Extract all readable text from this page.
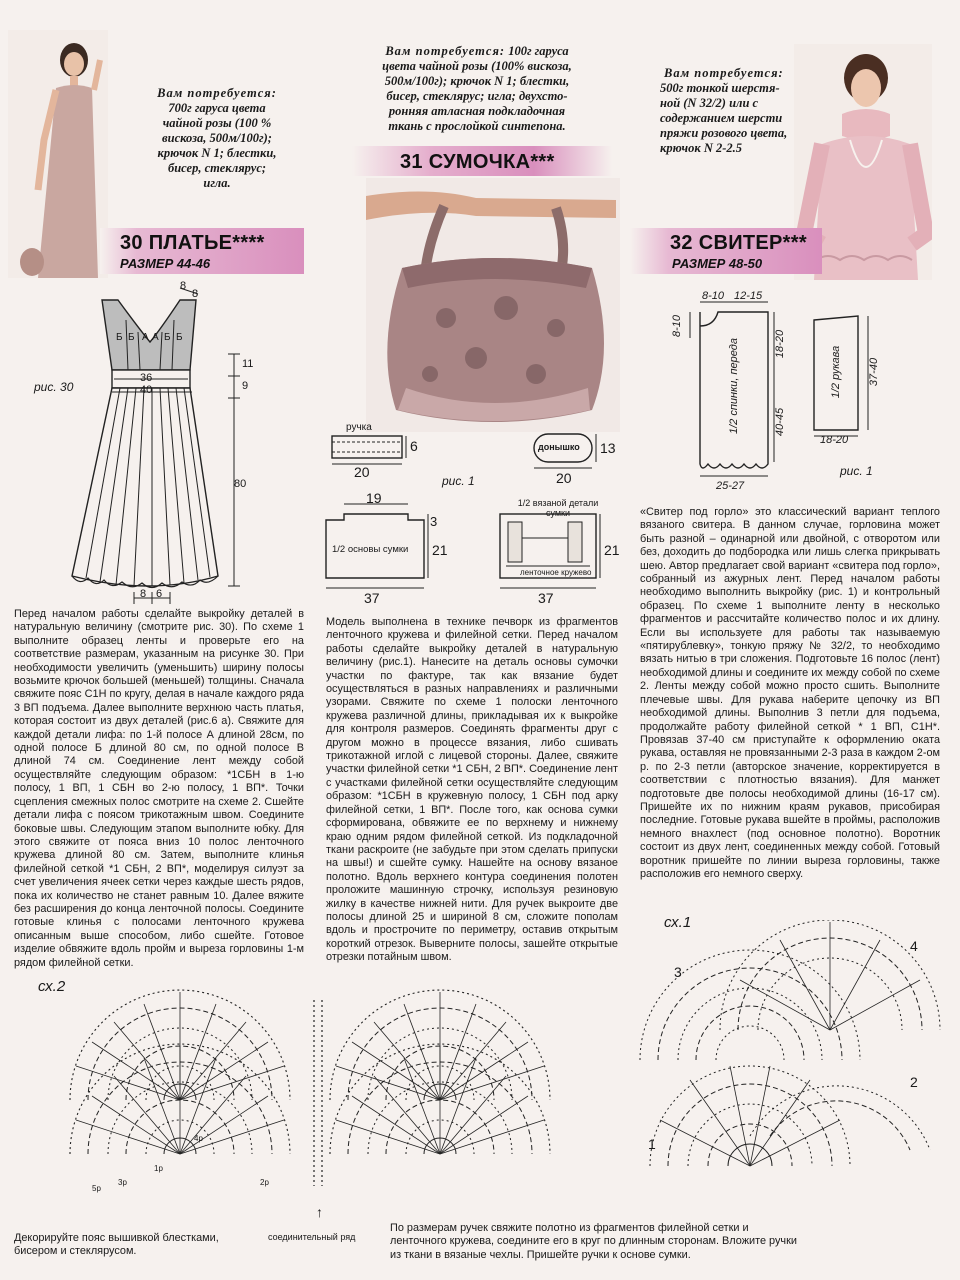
Вам потребуется:
700г гаруса цвета
чайной розы (100 %
вискоза, 500м/100г);
крючок N 1; блестки,
бисер, стеклярус;
игла.
30 ПЛАТЬЕ****
РАЗМЕР 44-46
Вам потребуется: 100г гаруса
цвета чайной розы (100% вискоза,
500м/100г); крючок N 1; блестки,
бисер, стеклярус; игла; двухсто-
ронняя атласная подкладочная
ткань с прослойкой синтепона.
31 СУМОЧКА***
Вам потребуется:
500г тонкой шерстя-
ной (N 32/2) или с
содержанием шерсти
пряжи розового цвета,
крючок N 2-2.5
32 СВИТЕР***
РАЗМЕР 48-50
8
8
Б Б А А Б Б
11
9
80
36
40
8 6
рис. 30
ручка
6
20
донышко 13
20
рис. 1
19
3
1/2 основы сумки 21
37
1/2 вязаной детали сумки
ленточное кружево
21
37
8-10 12-15
8-10
18-20
40-45
1/2 спинки, переда
25-27
1/2 рукава 37-40
18-20
рис. 1
Перед началом работы сделайте выкройку деталей в натуральную величину (смотрите рис. 30). По схеме 1 выполните образец ленты и проверьте его на соответствие размерам, указанным на рисунке 30. При необходимости увеличить (уменьшить) ширину полосы возьмите крючок большей (меньшей) толщины. Сначала свяжите пояс С1Н по кругу, делая в начале каждого ряда 3 ВП подъема. Далее выполните верхнюю часть платья, которая состоит из двух деталей (рис.6 а). Свяжите для каждой детали лифа: по 1-й полосе А длиной 28см, по одной полосе Б длиной 80 см, по одной полосе В длиной 74 см. Соединение лент между собой осуществляйте следующим образом: *1СБН в 1-ю полосу, 1 ВП, 1 СБН во 2-ю полосу, 1 ВП*. Точки сцепления смежных полос смотрите на схеме 2. Сшейте детали лифа с поясом трикотажным швом. Соедините боковые швы. Следующим этапом выполните юбку. Для этого свяжите от пояса вниз 10 полос ленточного кружева длиной 80 см. Затем, выполните клинья филейной сеткой *1 СБН, 2 ВП*, моделируя силуэт за счет увеличения ячеек сетки через каждые шесть рядов, пока их количество не станет равным 10. Далее вяжите без расширения до конца ленточной полосы. Соедините готовые клинья с полосами ленточного кружева описанным выше способом, либо сшейте. Готовое изделие обвяжите вдоль пройм и выреза горловины 1-м рядом филейной сетки.
Модель выполнена в технике печворк из фрагментов ленточного кружева и филейной сетки. Перед началом работы сделайте выкройку деталей в натуральную величину (рис.1). Нанесите на деталь основы сумочки участки по фактуре, так как вязание будет осуществляться в разных направлениях и различными узорами. Свяжите по схеме 1 полоски ленточного кружева различной длины, прикладывая их к выкройке для контроля размеров. Соединять фрагменты друг с другом можно в процессе вязания, либо сшивать трикотажной иглой с лицевой стороны. Далее, свяжите участки филейной сетки *1 СБН, 2 ВП*. Соединение лент с участками филейной сетки осуществляйте следующим образом: *1СБН в кружевную полосу, 1 СБН под арку филейной сетки, 1 ВП*. После того, как основа сумки сформирована, обвяжите ее по верхнему и нижнему краю одним рядом филейной сеткой. Из подкладочной ткани раскроите (не забудьте при этом сделать припуски на швы!) и сшейте сумку. Нашейте на основу вязаное полотно. Вдоль верхнего контура соединения полотен проложите машинную строчку, используя резиновую жилку в качестве нижней нити. Для ручек выкроите две полосы длиной 25 и шириной 8 см, сложите пополам вдоль и прострочите по периметру, оставив открытым короткий отрезок. Выверните полосы, зашейте открытые отрезки потайным швом.
«Свитер под горло» это классический вариант теплого вязаного свитера. В данном случае, горловина может быть разной – одинарной или двойной, с отворотом или без, доходить до подбородка или лишь слегка прикрывать шею. Автор предлагает свой вариант «свитера под горло», собранный из ажурных лент. Перед началом работы необходимо выполнить выкройку (рис. 1) и контрольный образец. По схеме 1 выполните ленту в несколько фрагментов и рассчитайте количество полос и их длину. Если вы используете для работы так называемую «пятирублевку», тонкую пряжу № 32/2, то необходимо вязать нитью в три сложения. Подготовьте 16 полос (лент) необходимой длины и соедините их между собой по схеме 2. Ленты между собой можно просто сшить. Выполните плечевые швы. Для рукава наберите цепочку из ВП необходимой длины. Выполнив 3 петли для подъема, продолжайте работу филейной сеткой * 1 ВП, С1Н*. Провязав 37-40 см приступайте к оформлению оката рукава, оставляя не провязанными 2-3 раза в каждом 2-ом р. по 2-3 петли (авторское значение, корректируется в соответствии с плотностью вязания). Для манжет подготовьте две полосы необходимой длины (16-17 см). Пришейте их по нижним краям рукавов, присобирая последние. Готовые рукава вшейте в проймы, расположив немного внахлест (под основное полотно). Воротник состоит из двух лент, соединенных между собой. Готовый воротник пришейте по линии выреза горловины, также расположив его немного сверху.
сх.2
сх.1
5р
3р
4р
2р
1р
1
2
3
4
↑
соединительный ряд
Декорируйте пояс вышивкой блестками, бисером и стеклярусом.
По размерам ручек свяжите полотно из фрагментов филейной сетки и ленточного кружева, соедините его в круг по длинным сторонам. Вложите ручки из ткани в вязаные чехлы. Пришейте ручки к основе сумки.
